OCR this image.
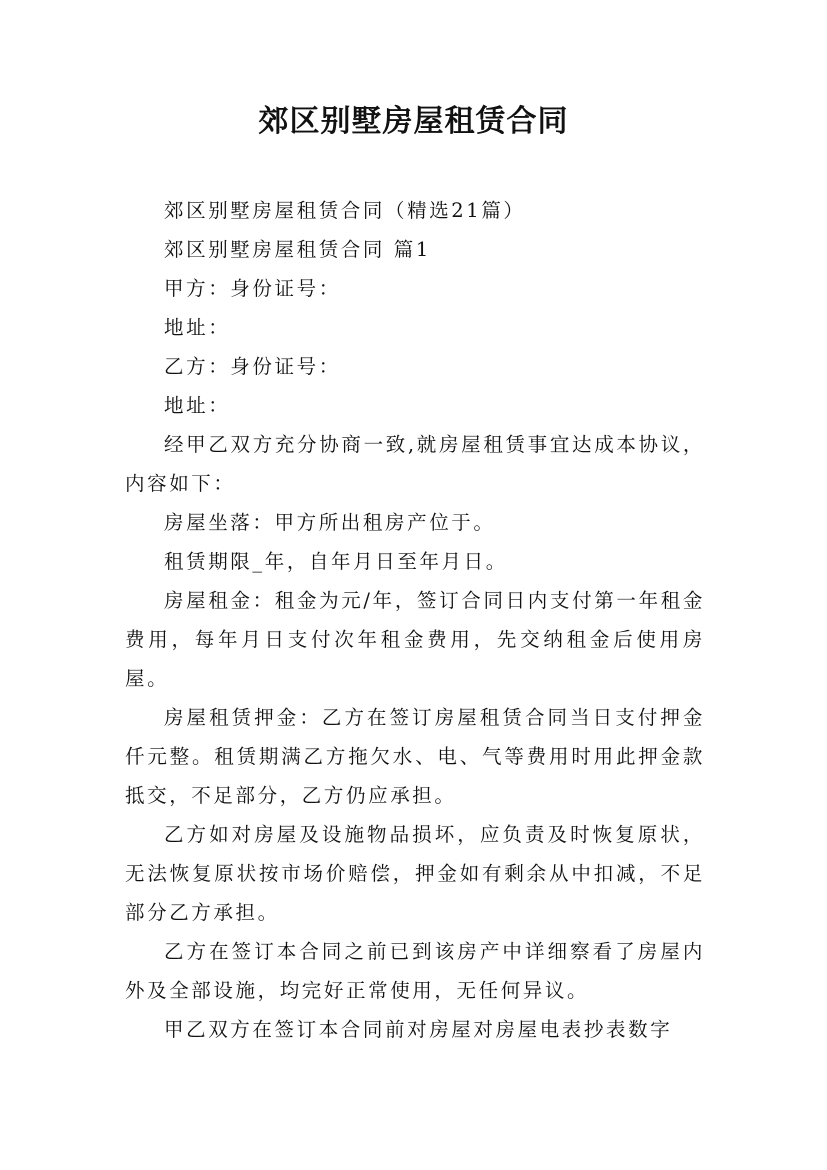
郊区别墅房屋租赁合同

郊区别墅房屋租赁合同（精选21篇）

郊区别墅房屋租赁合同 篇1

甲方：身份证号：

地址：

乙方：身份证号：

地址：

经甲乙双方充分协商一致,就房屋租赁事宜达成本协议，内容如下：

房屋坐落：甲方所出租房产位于。

租赁期限_年，自年月日至年月日。

房屋租金：租金为元/年，签订合同日内支付第一年租金费用，每年月日支付次年租金费用，先交纳租金后使用房屋。

房屋租赁押金：乙方在签订房屋租赁合同当日支付押金仟元整。租赁期满乙方拖欠水、电、气等费用时用此押金款抵交，不足部分，乙方仍应承担。

乙方如对房屋及设施物品损坏，应负责及时恢复原状，无法恢复原状按市场价赔偿，押金如有剩余从中扣减，不足部分乙方承担。

乙方在签订本合同之前已到该房产中详细察看了房屋内外及全部设施，均完好正常使用，无任何异议。

甲乙双方在签订本合同前对房屋对房屋电表抄表数字
